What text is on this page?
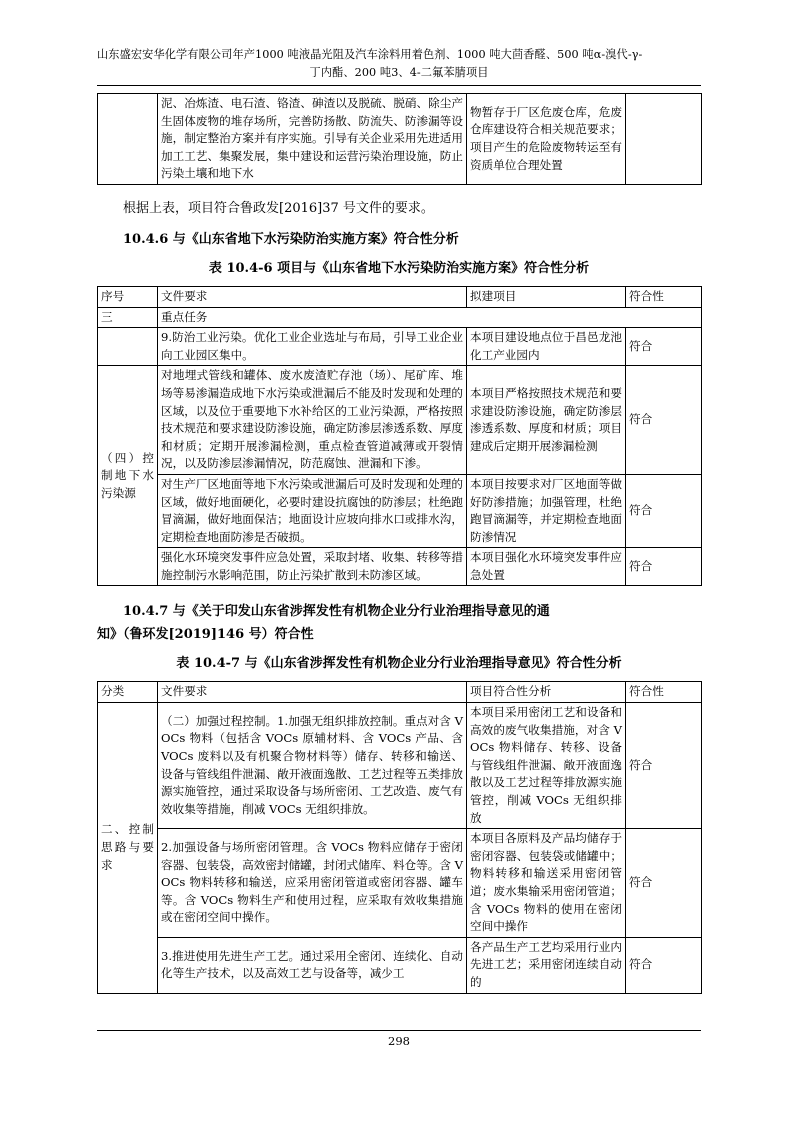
山东盛宏安华化学有限公司年产1000 吨液晶光阻及汽车涂料用着色剂、1000 吨大茴香醛、500 吨α-溴代-γ-
丁内酯、200 吨3、4-二氟苯腈项目
	泥、冶炼渣、电石渣、铬渣、砷渣以及脱硫、脱硝、除尘产生固体废物的堆存场所，完善防扬散、防流失、防渗漏等设施，制定整治方案并有序实施。引导有关企业采用先进适用加工工艺、集聚发展，集中建设和运营污染治理设施，防止污染土壤和地下水	物暂存于厂区危废仓库，危废仓库建设符合相关规范要求；项目产生的危险废物转运至有资质单位合理处置	

根据上表，项目符合鲁政发[2016]37 号文件的要求。

10.4.6 与《山东省地下水污染防治实施方案》符合性分析

表 10.4-6 项目与《山东省地下水污染防治实施方案》符合性分析

序号	文件要求	拟建项目	符合性
三	重点任务		
	9.防治工业污染。优化工业企业选址与布局，引导工业企业向工业园区集中。	本项目建设地点位于昌邑龙池化工产业园内	符合
（四）控制地下水污染源	对地埋式管线和罐体、废水废渣贮存池（场）、尾矿库、堆场等易渗漏造成地下水污染或泄漏后不能及时发现和处理的区域，以及位于重要地下水补给区的工业污染源，严格按照技术规范和要求建设防渗设施，确定防渗层渗透系数、厚度和材质；定期开展渗漏检测，重点检查管道减薄或开裂情况，以及防渗层渗漏情况，防范腐蚀、泄漏和下渗。	本项目严格按照技术规范和要求建设防渗设施，确定防渗层渗透系数、厚度和材质；项目建成后定期开展渗漏检测	符合
	对生产厂区地面等地下水污染或泄漏后可及时发现和处理的区域，做好地面硬化，必要时建设抗腐蚀的防渗层；杜绝跑冒滴漏，做好地面保洁；地面设计应坡向排水口或排水沟，定期检查地面防渗是否破损。	本项目按要求对厂区地面等做好防渗措施；加强管理，杜绝跑冒滴漏等，并定期检查地面防渗情况	符合
	强化水环境突发事件应急处置，采取封堵、收集、转移等措施控制污水影响范围，防止污染扩散到未防渗区域。	本项目强化水环境突发事件应急处置	符合
10.4.7 与《关于印发山东省涉挥发性有机物企业分行业治理指导意见的通
知》（鲁环发[2019]146 号）符合性

表 10.4-7 与《山东省涉挥发性有机物企业分行业治理指导意见》符合性分析

分类	文件要求	项目符合性分析	符合性
二、控制思路与要求	（二）加强过程控制。1.加强无组织排放控制。重点对含 VOCs 物料（包括含 VOCs 原辅材料、含 VOCs 产品、含 VOCs 废料以及有机聚合物材料等）储存、转移和输送、设备与管线组件泄漏、敞开液面逸散、工艺过程等五类排放源实施管控，通过采取设备与场所密闭、工艺改造、废气有效收集等措施，削减 VOCs 无组织排放。	本项目采用密闭工艺和设备和高效的废气收集措施，对含 VOCs 物料储存、转移、设备与管线组件泄漏、敞开液面逸散以及工艺过程等排放源实施管控，削减 VOCs 无组织排放	符合
	2.加强设备与场所密闭管理。含 VOCs 物料应储存于密闭容器、包装袋，高效密封储罐，封闭式储库、料仓等。含 VOCs 物料转移和输送，应采用密闭管道或密闭容器、罐车等。含 VOCs 物料生产和使用过程，应采取有效收集措施或在密闭空间中操作。	本项目各原料及产品均储存于密闭容器、包装袋或储罐中；物料转移和输送采用密闭管道；废水集输采用密闭管道；含 VOCs 物料的使用在密闭空间中操作	符合
	3.推进使用先进生产工艺。通过采用全密闭、连续化、自动化等生产技术，以及高效工艺与设备等，减少工	各产品生产工艺均采用行业内先进工艺；采用密闭连续自动的	符合
298
